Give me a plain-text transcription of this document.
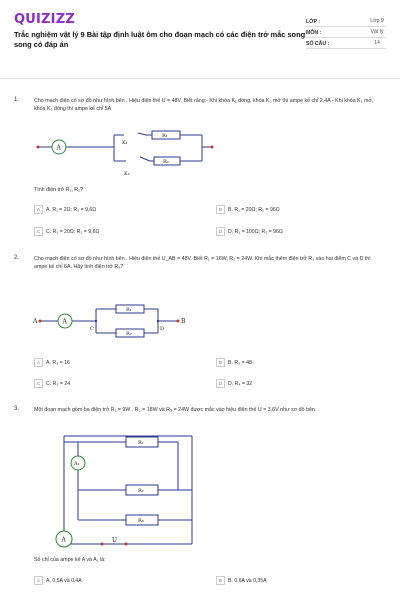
QUIZIZZ
Trắc nghiệm vật lý 9 Bài tập định luật ôm cho đoạn mạch có các điện trở mắc song song có đáp án
LỚP :	Lớp 9
MÔN :	Vật lý
SỐ CÂU :	14
1.	Cho mạch điện có sơ đồ như hình bên . Hiệu điện thế U = 48V. Biết rằng:- Khi khóa K₁ đóng, khóa K₂ mở thì ampe kế chỉ 2,4A - Khi khóa K₁ mở, khóa K₂ đóng thì ampe kế chỉ 5A
A
K₁
K₂
R₁
R₂
Tính điện trở R₁, R₂?
A	A. R₁ = 2Ω; R₂ = 9,6Ω	B	B. R₁ = 20Ω; R₂ = 96Ω
C	C. R₁ = 20Ω; R₂ = 9,6Ω	D	D. R₁ = 100Ω; R₂ = 96Ω
2.	Cho mạch điện có sơ đồ như hình bên . Hiệu điện thế U_AB = 48V. Biết R₁ = 16W, R₂ = 24W. Khi mắc thêm điện trở R₃ vào hai điểm C và D thì ampe kế chỉ 6A. Hãy tính điện trở R₃?
A
A	B
C	D
R₁
R₂
A	A. R₃ = 16	B	B. R₃ = 48
C	C. R₃ = 24	D	D. R₄ = 32
3.	Một đoạn mạch gồm ba điện trở R₁ = 9W , R₂ = 18W và R₃ = 24W được mắc vào hiệu điện thế U = 3,6V như sơ đồ bên
A₁
A	U
R₁
R₂
R₃
Số chỉ của ampe kế A và A₁ là:
A	A. 0,5A và 0,4A	B	B. 0,6A và 0,35A
